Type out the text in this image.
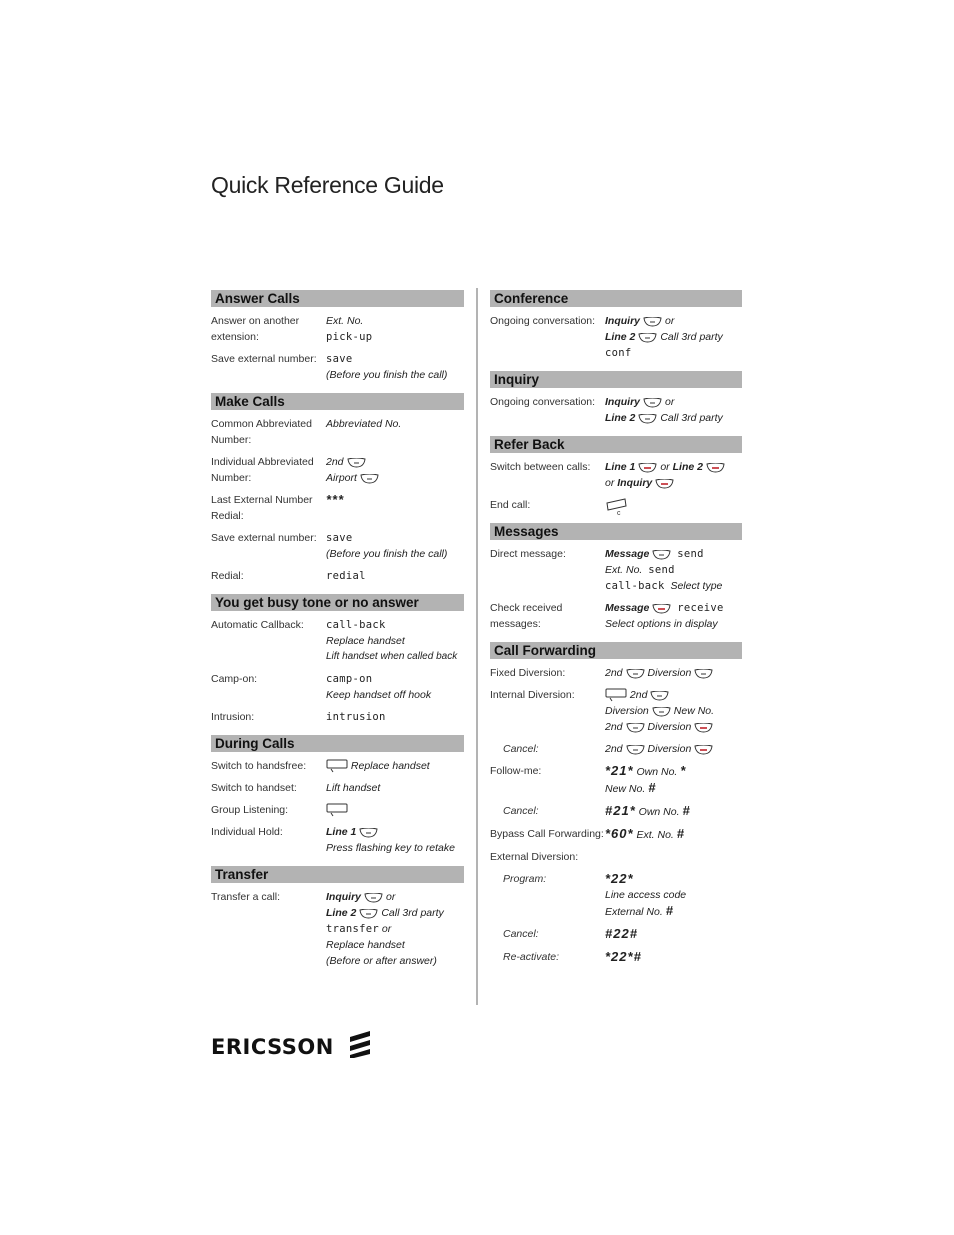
Quick Reference Guide
Answer Calls
Answer on another extension:
Ext. No.
pick-up
Save external number: save
(Before you finish the call)
Make Calls
Common Abbreviated Number:
Abbreviated No.
Individual Abbreviated Number:
2nd
Airport
Last External Number Redial:
***
Save external number: save
(Before you finish the call)
Redial:	redial
You get busy tone or no answer
Automatic Callback:	call-back
Replace handset
Lift handset when called back
Camp-on:	camp-on
Keep handset off hook
Intrusion:	intrusion
During Calls
Switch to handsfree:	Replace handset
Switch to handset:	Lift handset
Group Listening:
Individual Hold:	Line 1
Press flashing key to retake
Transfer
Transfer a call:	Inquiry or
Line 2 Call 3rd party
transfer or
Replace handset
(Before or after answer)
Conference
Ongoing conversation: Inquiry or
Line 2 Call 3rd party
conf
Inquiry
Ongoing conversation: Inquiry or
Line 2 Call 3rd party
Refer Back
Switch between calls:	Line 1 or Line 2
or Inquiry
End call:
c
Messages
Direct message:	Message	send
Ext. No. send
call-back Select type
Check received messages:
Message	receive
Select options in display
Call Forwarding
Fixed Diversion:	2nd Diversion
Internal Diversion:	2nd
Diversion New No.
2nd Diversion
Cancel:	2nd Diversion
Follow-me:	*21* Own No. *
New No. #
Cancel:	#21* Own No. #
Bypass Call Forwarding: *60* Ext. No. #
External Diversion:
Program:	*22*
Line access code
External No. #
Cancel:	#22#
Re-activate:	*22*#
ERICSSON
